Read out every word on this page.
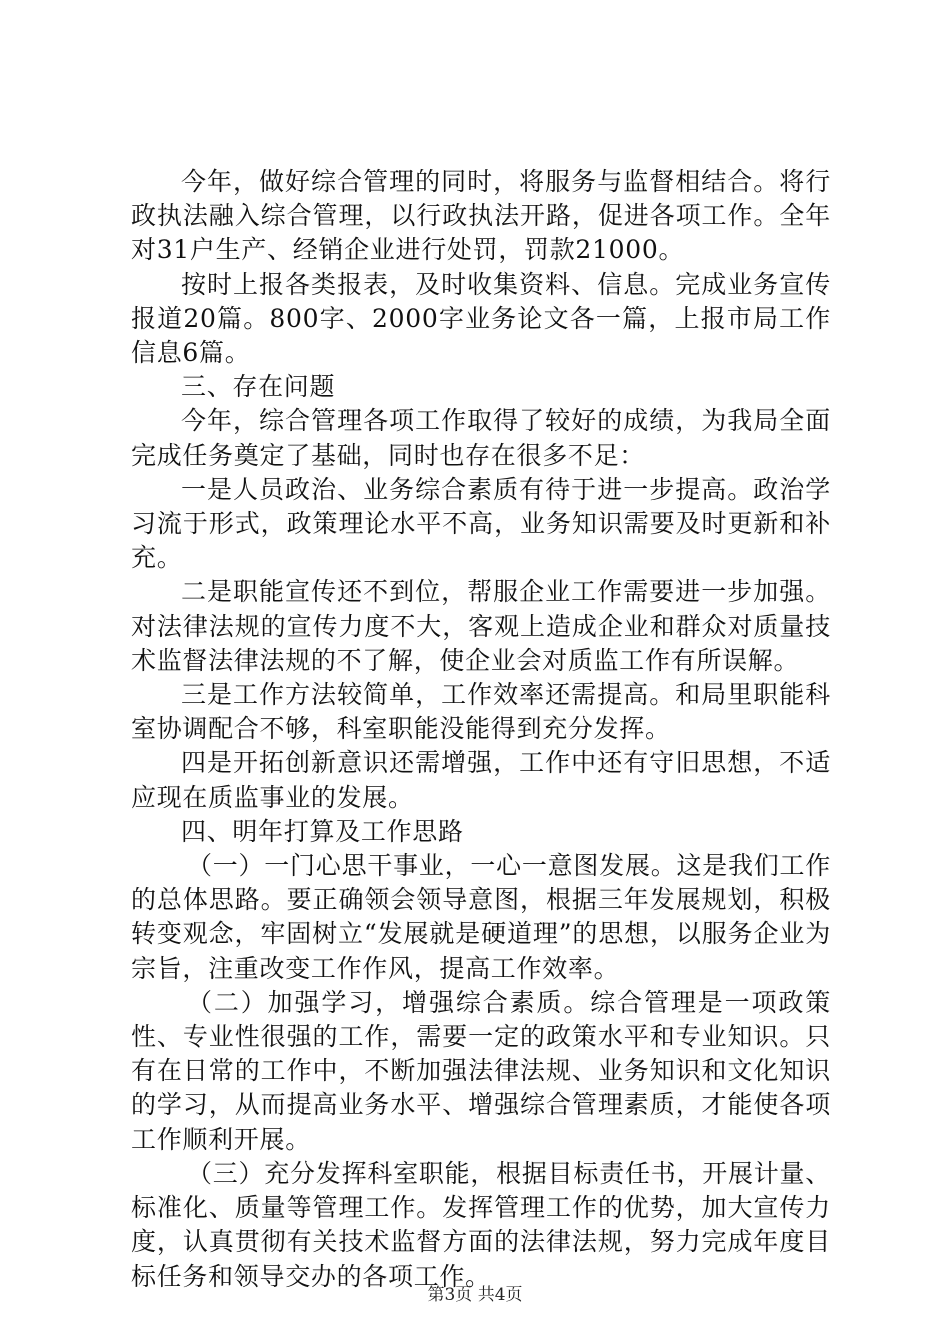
今年，做好综合管理的同时，将服务与监督相结合。将行政执法融入综合管理，以行政执法开路，促进各项工作。全年对31户生产、经销企业进行处罚，罚款21000。

按时上报各类报表，及时收集资料、信息。完成业务宣传报道20篇。800字、2000字业务论文各一篇，上报市局工作信息6篇。

三、存在问题

今年，综合管理各项工作取得了较好的成绩，为我局全面完成任务奠定了基础，同时也存在很多不足：

一是人员政治、业务综合素质有待于进一步提高。政治学习流于形式，政策理论水平不高，业务知识需要及时更新和补充。

二是职能宣传还不到位，帮服企业工作需要进一步加强。对法律法规的宣传力度不大，客观上造成企业和群众对质量技术监督法律法规的不了解，使企业会对质监工作有所误解。

三是工作方法较简单，工作效率还需提高。和局里职能科室协调配合不够，科室职能没能得到充分发挥。

四是开拓创新意识还需增强，工作中还有守旧思想，不适应现在质监事业的发展。

四、明年打算及工作思路

（一）一门心思干事业，一心一意图发展。这是我们工作的总体思路。要正确领会领导意图，根据三年发展规划，积极转变观念，牢固树立“发展就是硬道理”的思想，以服务企业为宗旨，注重改变工作作风，提高工作效率。

（二）加强学习，增强综合素质。综合管理是一项政策性、专业性很强的工作，需要一定的政策水平和专业知识。只有在日常的工作中，不断加强法律法规、业务知识和文化知识的学习，从而提高业务水平、增强综合管理素质，才能使各项工作顺利开展。

（三）充分发挥科室职能，根据目标责任书，开展计量、标准化、质量等管理工作。发挥管理工作的优势，加大宣传力度，认真贯彻有关技术监督方面的法律法规，努力完成年度目标任务和领导交办的各项工作。

第3页 共4页
